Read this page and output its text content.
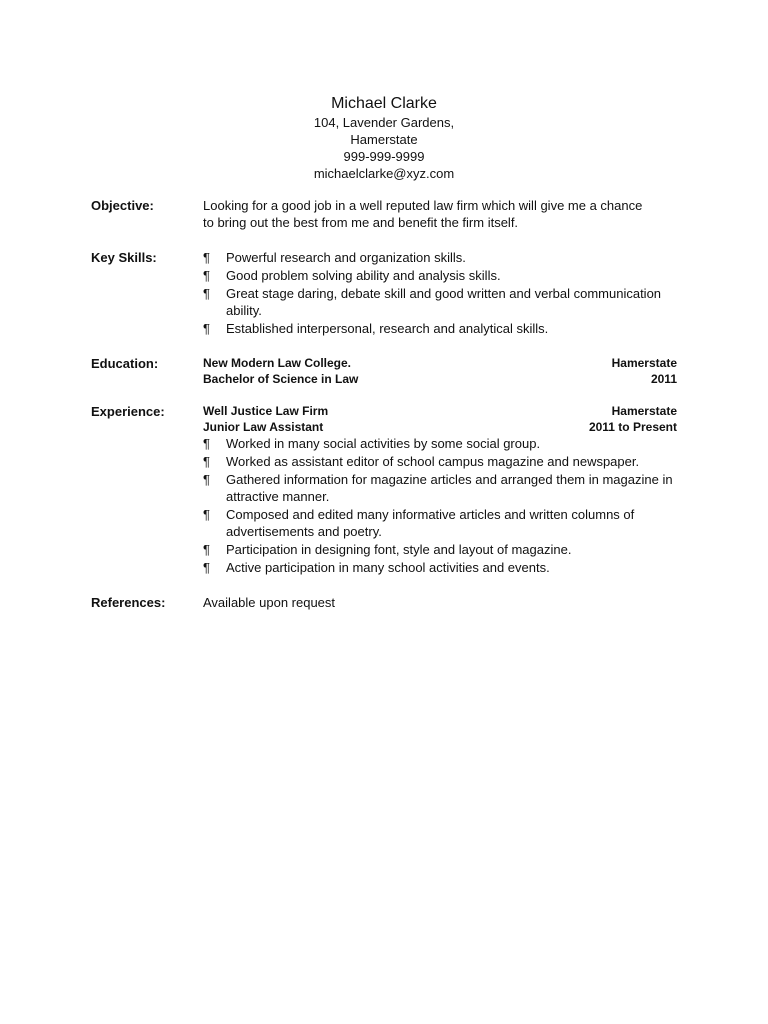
Michael Clarke
104, Lavender Gardens,
Hamerstate
999-999-9999
michaelclarke@xyz.com
Objective:	Looking for a good job in a well reputed law firm which will give me a chance
to bring out the best from me and benefit the firm itself.
Key Skills:	¶ Powerful research and organization skills.
¶ Good problem solving ability and analysis skills.
¶ Great stage daring, debate skill and good written and verbal communication ability.
¶ Established interpersonal, research and analytical skills.
Education:	New Modern Law College.	Hamerstate
Bachelor of Science in Law	2011
Experience:	Well Justice Law Firm	Hamerstate
Junior Law Assistant	2011 to Present
¶ Worked in many social activities by some social group.
¶ Worked as assistant editor of school campus magazine and newspaper.
¶ Gathered information for magazine articles and arranged them in magazine in attractive manner.
¶ Composed and edited many informative articles and written columns of advertisements and poetry.
¶ Participation in designing font, style and layout of magazine.
¶ Active participation in many school activities and events.
References:	Available upon request
